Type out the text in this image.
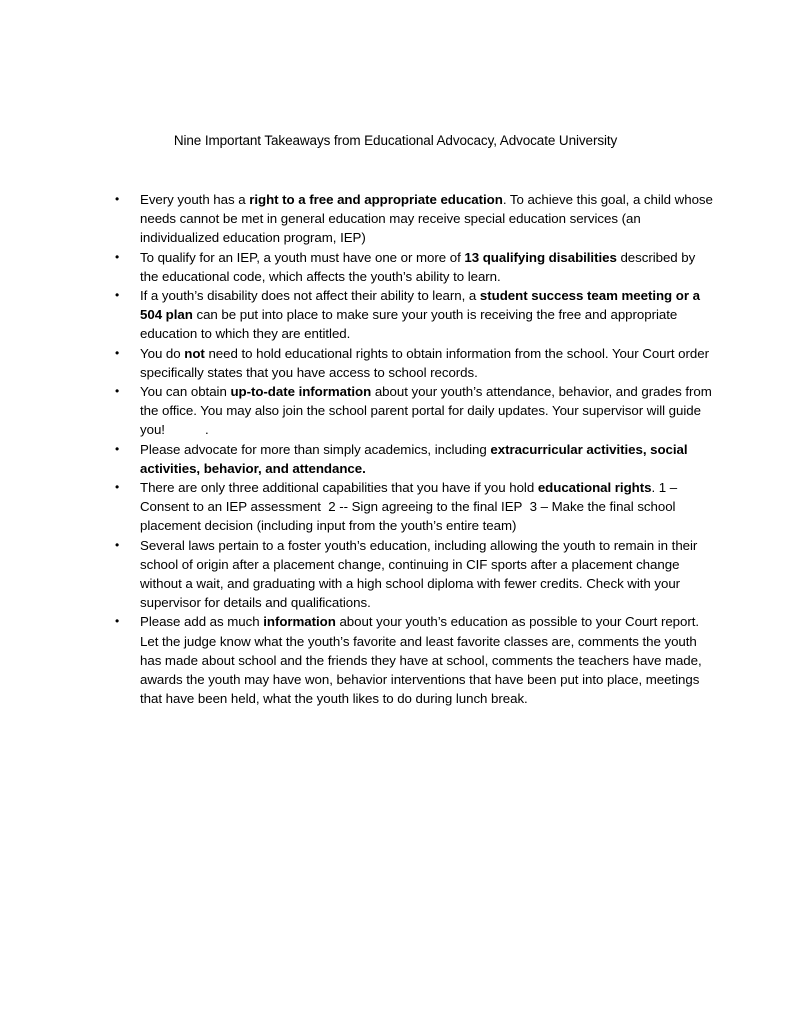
Nine Important Takeaways from Educational Advocacy, Advocate University
• Every youth has a right to a free and appropriate education. To achieve this goal, a child whose needs cannot be met in general education may receive special education services (an individualized education program, IEP)
• To qualify for an IEP, a youth must have one or more of 13 qualifying disabilities described by the educational code, which affects the youth’s ability to learn.
• If a youth’s disability does not affect their ability to learn, a student success team meeting or a 504 plan can be put into place to make sure your youth is receiving the free and appropriate education to which they are entitled.
• You do not need to hold educational rights to obtain information from the school. Your Court order specifically states that you have access to school records.
• You can obtain up-to-date information about your youth’s attendance, behavior, and grades from the office. You may also join the school parent portal for daily updates. Your supervisor will guide you!           .
• Please advocate for more than simply academics, including extracurricular activities, social activities, behavior, and attendance.
• There are only three additional capabilities that you have if you hold educational rights. 1 – Consent to an IEP assessment  2 -- Sign agreeing to the final IEP  3 – Make the final school placement decision (including input from the youth’s entire team)
• Several laws pertain to a foster youth’s education, including allowing the youth to remain in their school of origin after a placement change, continuing in CIF sports after a placement change without a wait, and graduating with a high school diploma with fewer credits. Check with your supervisor for details and qualifications.
• Please add as much information about your youth’s education as possible to your Court report. Let the judge know what the youth’s favorite and least favorite classes are, comments the youth has made about school and the friends they have at school, comments the teachers have made, awards the youth may have won, behavior interventions that have been put into place, meetings that have been held, what the youth likes to do during lunch break.
